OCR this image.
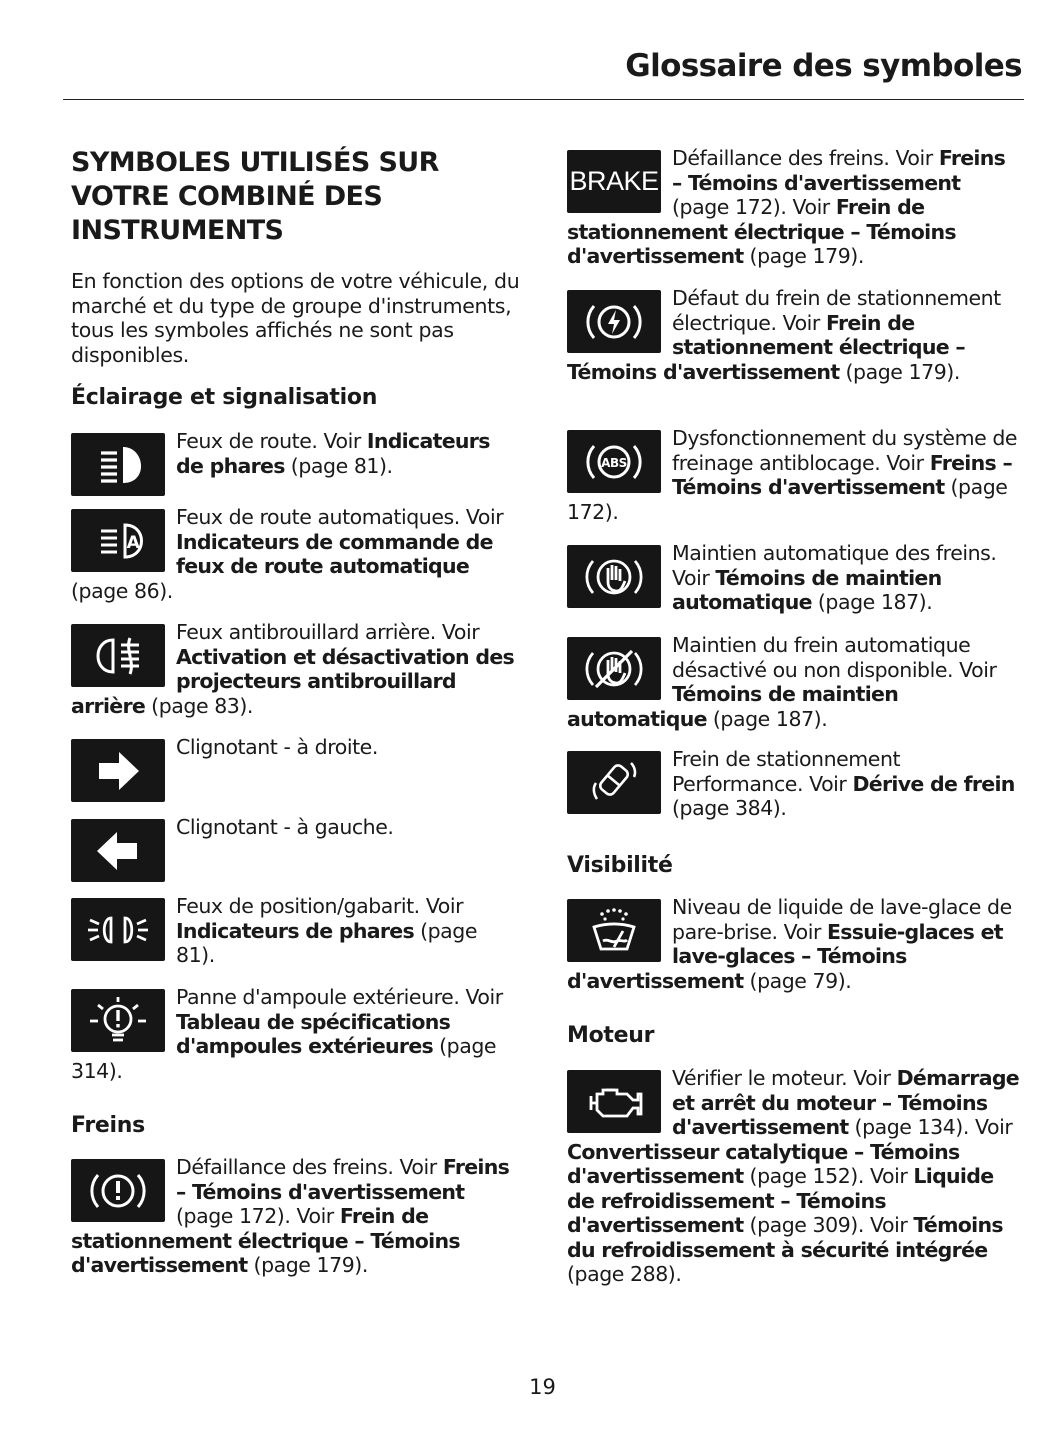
Glossaire des symboles
SYMBOLES UTILISÉS SUR VOTRE COMBINÉ DES INSTRUMENTS
En fonction des options de votre véhicule, du marché et du type de groupe d'instruments, tous les symboles affichés ne sont pas disponibles.
Éclairage et signalisation
Feux de route. Voir Indicateurs de phares (page 81).
A
Feux de route automatiques. Voir Indicateurs de commande de feux de route automatique (page 86).
Feux antibrouillard arrière. Voir Activation et désactivation des projecteurs antibrouillard arrière (page 83).
Clignotant - à droite.
Clignotant - à gauche.
Feux de position/gabarit. Voir Indicateurs de phares (page 81).
Panne d'ampoule extérieure. Voir Tableau de spécifications d'ampoules extérieures (page 314).
Freins
Défaillance des freins. Voir Freins – Témoins d'avertissement (page 172). Voir Frein de stationnement électrique – Témoins d'avertissement (page 179).
BRAKE
Défaillance des freins. Voir Freins – Témoins d'avertissement (page 172). Voir Frein de stationnement électrique – Témoins d'avertissement (page 179).
Défaut du frein de stationnement électrique. Voir Frein de stationnement électrique – Témoins d'avertissement (page 179).
ABS
Dysfonctionnement du système de freinage antiblocage. Voir Freins – Témoins d'avertissement (page 172).
Maintien automatique des freins. Voir Témoins de maintien automatique (page 187).
Maintien du frein automatique désactivé ou non disponible. Voir Témoins de maintien automatique (page 187).
Frein de stationnement Performance. Voir Dérive de frein (page 384).
Visibilité
Niveau de liquide de lave-glace de pare-brise. Voir Essuie-glaces et lave-glaces – Témoins d'avertissement (page 79).
Moteur
Vérifier le moteur. Voir Démarrage et arrêt du moteur – Témoins d'avertissement (page 134). Voir Convertisseur catalytique – Témoins d'avertissement (page 152). Voir Liquide de refroidissement – Témoins d'avertissement (page 309). Voir Témoins du refroidissement à sécurité intégrée (page 288).
19
